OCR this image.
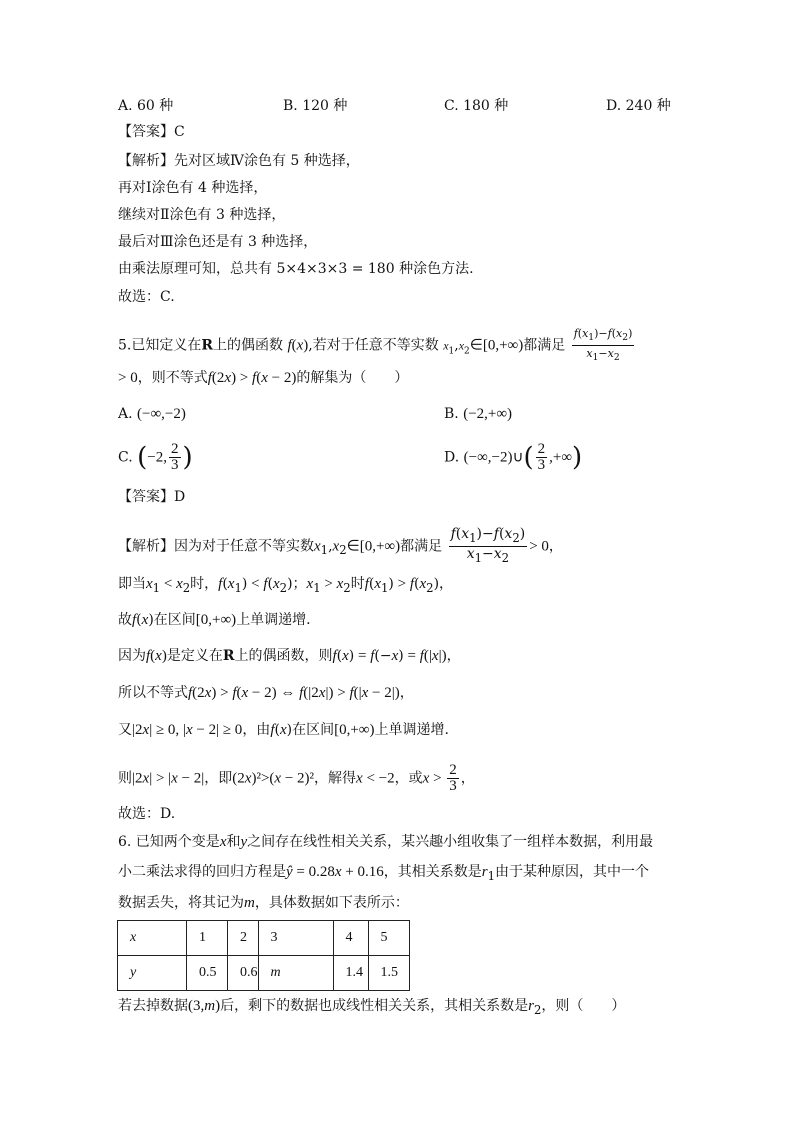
A. 60 种	B. 120 种	C. 180 种	D. 240 种
【答案】C
【解析】先对区域Ⅳ涂色有 5 种选择，
再对Ⅰ涂色有 4 种选择，
继续对Ⅱ涂色有 3 种选择，
最后对Ⅲ涂色还是有 3 种选择，
由乘法原理可知，总共有 5×4×3×3 = 180 种涂色方法.
故选：C.
5.已知定义在R上的偶函数 f(x),若对于任意不等实数 $x_1,x_2\in[0,+\infty)$都满足 $\frac{f(x_1)-f(x_2)}{x_1-x_2}$
> 0，则不等式f(2x) > f(x − 2)的解集为（　　）
A. (−∞,−2)	B. (−2,+∞)
C. (−2, $\frac{2}{3}$ )	D. (−∞,−2)∪( $\frac{2}{3}$ ,+∞)
【答案】D
【解析】因为对于任意不等实数$x_1,x_2\in[0,+\infty)$都满足 $\frac{f(x_1)-f(x_2)}{x_1-x_2} > 0$，
即当$x_1 < x_2$时，$f(x_1) < f(x_2)$；$x_1 > x_2$时$f(x_1) > f(x_2)$，
故f(x)在区间[0,+∞)上单调递增.
因为f(x)是定义在R上的偶函数，则f(x) = f(−x) = f(|x|)，
所以不等式f(2x) > f(x − 2) ⇔ f(|2x|) > f(|x − 2|)，
又|2x| ≥ 0, |x − 2| ≥ 0，由f(x)在区间[0,+∞)上单调递增.
则|2x| > |x − 2|，即(2x)²>(x − 2)²，解得x < −2，或$x > \frac{2}{3}$ ，
故选：D.
6. 已知两个变是x和y之间存在线性相关关系，某兴趣小组收集了一组样本数据，利用最
小二乘法求得的回归方程是ŷ = 0.28x + 0.16，其相关系数是$r_1$由于某种原因，其中一个
数据丢失，将其记为m，具体数据如下表所示：
x	1	2	3	4	5
y	0.5	0.6	m	1.4	1.5
若去掉数据(3,m)后，剩下的数据也成线性相关关系，其相关系数是$r_2$，则（　　）
